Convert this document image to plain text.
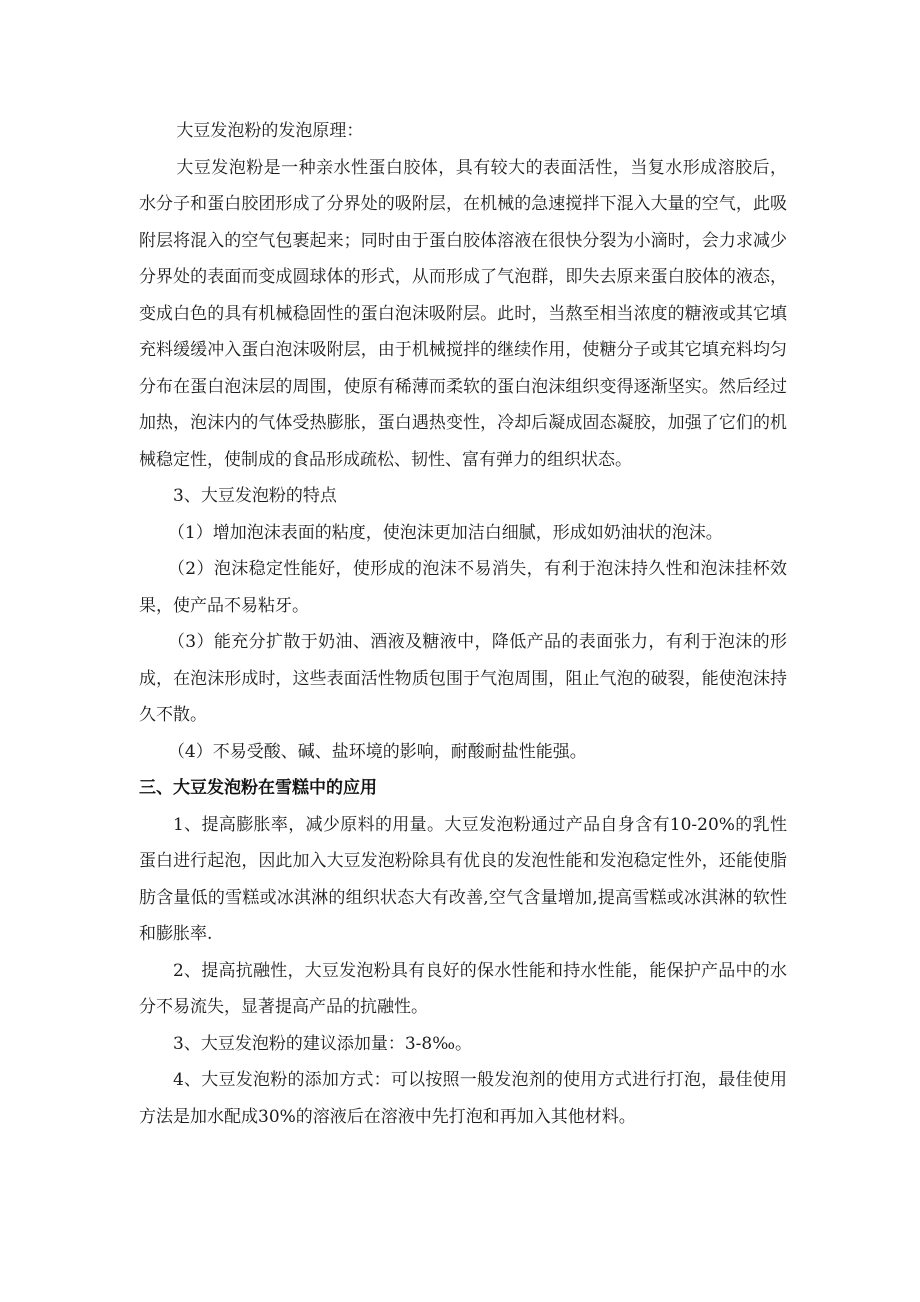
大豆发泡粉的发泡原理：

大豆发泡粉是一种亲水性蛋白胶体，具有较大的表面活性，当复水形成溶胶后，水分子和蛋白胶团形成了分界处的吸附层，在机械的急速搅拌下混入大量的空气，此吸附层将混入的空气包裹起来；同时由于蛋白胶体溶液在很快分裂为小滴时，会力求减少分界处的表面而变成圆球体的形式，从而形成了气泡群，即失去原来蛋白胶体的液态，变成白色的具有机械稳固性的蛋白泡沫吸附层。此时，当熬至相当浓度的糖液或其它填充料缓缓冲入蛋白泡沫吸附层，由于机械搅拌的继续作用，使糖分子或其它填充料均匀分布在蛋白泡沫层的周围，使原有稀薄而柔软的蛋白泡沫组织变得逐渐坚实。然后经过加热，泡沫内的气体受热膨胀，蛋白遇热变性，冷却后凝成固态凝胶，加强了它们的机械稳定性，使制成的食品形成疏松、韧性、富有弹力的组织状态。

3、大豆发泡粉的特点

（1）增加泡沫表面的粘度，使泡沫更加洁白细腻，形成如奶油状的泡沫。

（2）泡沫稳定性能好，使形成的泡沫不易消失，有利于泡沫持久性和泡沫挂杯效果，使产品不易粘牙。

（3）能充分扩散于奶油、酒液及糖液中，降低产品的表面张力，有利于泡沫的形成，在泡沫形成时，这些表面活性物质包围于气泡周围，阻止气泡的破裂，能使泡沫持久不散。

（4）不易受酸、碱、盐环境的影响，耐酸耐盐性能强。

三、大豆发泡粉在雪糕中的应用

1、提高膨胀率，减少原料的用量。大豆发泡粉通过产品自身含有10-20%的乳性蛋白进行起泡，因此加入大豆发泡粉除具有优良的发泡性能和发泡稳定性外，还能使脂肪含量低的雪糕或冰淇淋的组织状态大有改善,空气含量增加,提高雪糕或冰淇淋的软性和膨胀率.

2、提高抗融性，大豆发泡粉具有良好的保水性能和持水性能，能保护产品中的水分不易流失，显著提高产品的抗融性。

3、大豆发泡粉的建议添加量：3-8‰。

4、大豆发泡粉的添加方式：可以按照一般发泡剂的使用方式进行打泡，最佳使用方法是加水配成30%的溶液后在溶液中先打泡和再加入其他材料。
